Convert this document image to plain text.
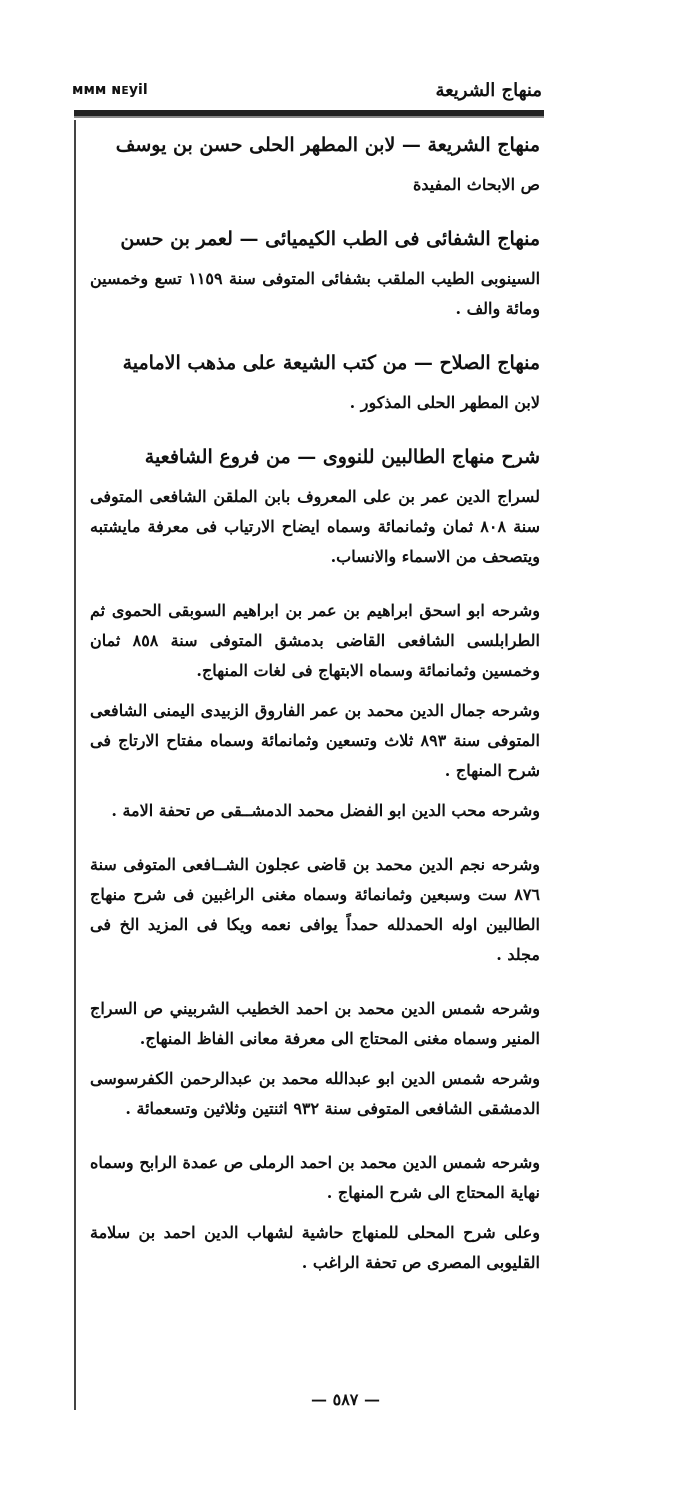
ᴍᴍᴍ ɴᴇyil	منهاج الشريعة

منهاج الشريعة — لابن المطهر الحلى حسن بن يوسف

ص الابحاث المفيدة

منهاج الشفائى فى الطب الكيميائى — لعمر بن حسن

السينوبى الطيب الملقب بشفائى المتوفى سنة ١١٥٩ تسع وخمسين ومائة والف .

منهاج الصلاح — من كتب الشيعة على مذهب الامامية

لابن المطهر الحلى المذكور .

شرح منهاج الطالبين للنووى — من فروع الشافعية

لسراج الدين عمر بن على المعروف بابن الملقن الشافعى المتوفى سنة ٨٠٨ ثمان وثمانمائة وسماه ايضاح الارتياب فى معرفة مايشتبه ويتصحف من الاسماء والانساب.

وشرحه ابو اسحق ابراهيم بن عمر بن ابراهيم السوبقى الحموى ثم الطرابلسى الشافعى القاضى بدمشق المتوفى سنة ٨٥٨ ثمان وخمسين وثمانمائة وسماه الابتهاج فى لغات المنهاج.

وشرحه جمال الدين محمد بن عمر الفاروق الزبيدى اليمنى الشافعى المتوفى سنة ٨٩٣ ثلاث وتسعين وثمانمائة وسماه مفتاح الارتاج فى شرح المنهاج .

وشرحه محب الدين ابو الفضل محمد الدمشــقى ص تحفة الامة .

وشرحه نجم الدين محمد بن قاضى عجلون الشــافعى المتوفى سنة ٨٧٦ ست وسبعين وثمانمائة وسماه مغنى الراغبين فى شرح منهاج الطالبين اوله الحمدلله حمداً يوافى نعمه ويكا فى المزيد الخ فى مجلد .

وشرحه شمس الدين محمد بن احمد الخطيب الشربيني ص السراج المنير وسماه مغنى المحتاج الى معرفة معانى الفاظ المنهاج.

وشرحه شمس الدين ابو عبدالله محمد بن عبدالرحمن الكفرسوسى الدمشقى الشافعى المتوفى سنة ٩٣٢ اثنتين وثلاثين وتسعمائة .

وشرحه شمس الدين محمد بن احمد الرملى ص عمدة الرابح وسماه نهاية المحتاج الى شرح المنهاج .

وعلى شرح المحلى للمنهاج حاشية لشهاب الدين احمد بن سلامة القليوبى المصرى ص تحفة الراغب .

— ٥٨٧ —
